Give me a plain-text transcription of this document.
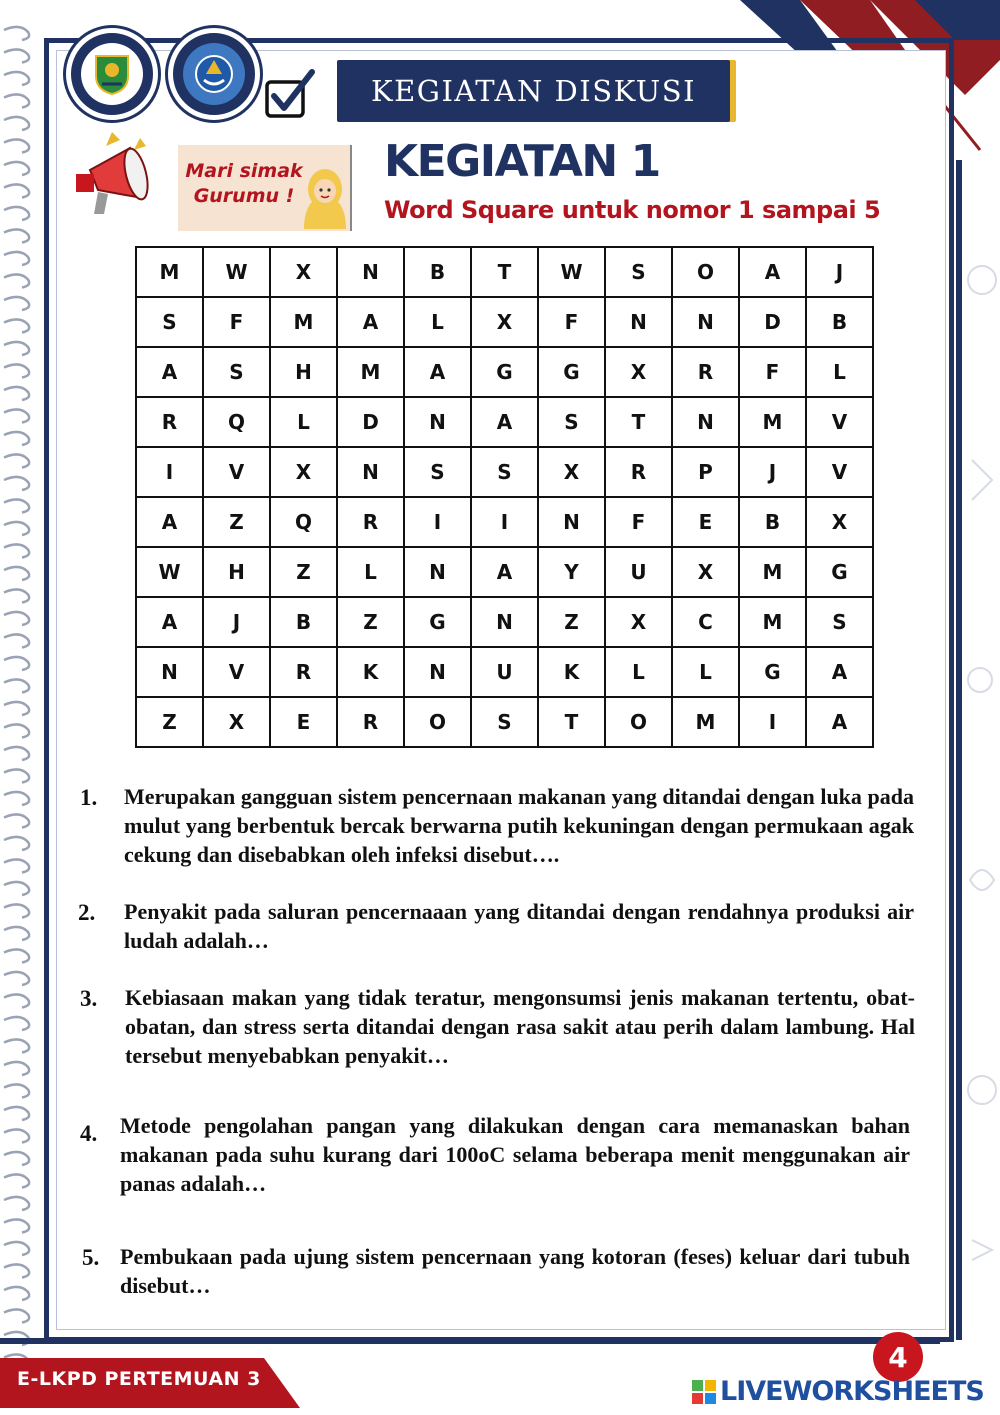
KEGIATAN DISKUSI
Mari simak
Gurumu !
KEGIATAN 1
Word Square untuk nomor 1 sampai 5
M	W	X	N	B	T	W	S	O	A	J
S	F	M	A	L	X	F	N	N	D	B
A	S	H	M	A	G	G	X	R	F	L
R	Q	L	D	N	A	S	T	N	M	V
I	V	X	N	S	S	X	R	P	J	V
A	Z	Q	R	I	I	N	F	E	B	X
W	H	Z	L	N	A	Y	U	X	M	G
A	J	B	Z	G	N	Z	X	C	M	S
N	V	R	K	N	U	K	L	L	G	A
Z	X	E	R	O	S	T	O	M	I	A
1. Merupakan gangguan sistem pencernaan makanan yang ditandai dengan luka pada mulut yang berbentuk bercak berwarna putih kekuningan dengan permukaan agak cekung dan disebabkan oleh infeksi disebut….
2. Penyakit pada saluran pencernaaan yang ditandai dengan rendahnya produksi air ludah adalah…
3. Kebiasaan makan yang tidak teratur, mengonsumsi jenis makanan tertentu, obat-obatan, dan stress serta ditandai dengan rasa sakit atau perih dalam lambung. Hal tersebut menyebabkan penyakit…
4. Metode pengolahan pangan yang dilakukan dengan cara memanaskan bahan makanan pada suhu kurang dari 100oC selama beberapa menit menggunakan air panas adalah…
5. Pembukaan pada ujung sistem pencernaan yang kotoran (feses) keluar dari tubuh disebut…
E-LKPD PERTEMUAN 3
4
LIVEWORKSHEETS
